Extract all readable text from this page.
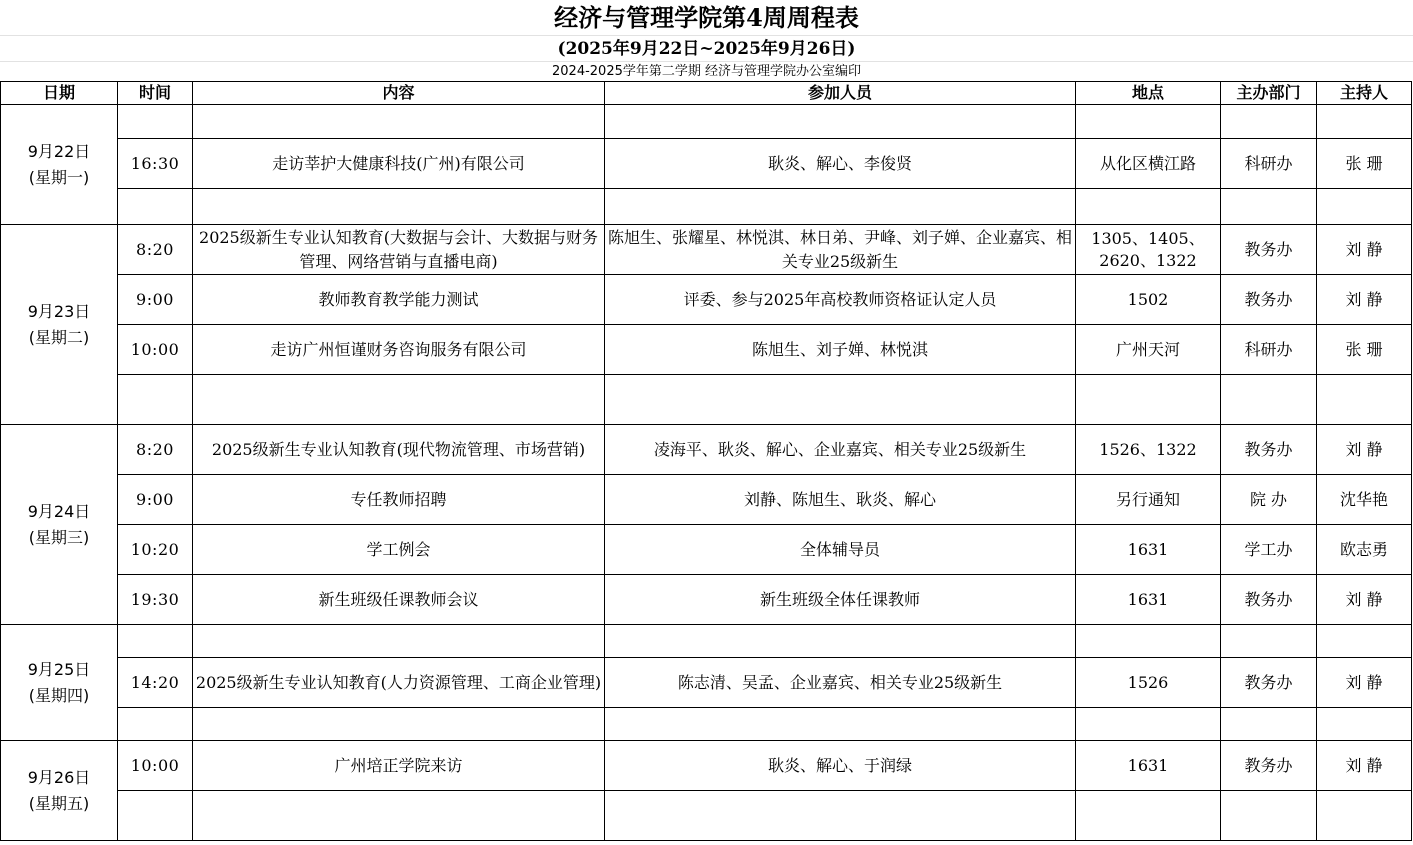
经济与管理学院第4周周程表
(2025年9月22日~2025年9月26日)
2024-2025学年第二学期 经济与管理学院办公室编印
日期	时间	内容	参加人员	地点	主办部门	主持人

9月22日
(星期一)						

	16:30	走访莘护大健康科技(广州)有限公司	耿炎、解心、李俊贤	从化区横江路	科研办	张 珊

9月23日
(星期二)	8:20	2025级新生专业认知教育(大数据与会计、大数据与财务管理、网络营销与直播电商)	陈旭生、张耀星、林悦淇、林日弟、尹峰、刘子婵、企业嘉宾、相关专业25级新生	1305、1405、2620、1322	教务办	刘 静
	9:00	教师教育教学能力测试	评委、参与2025年高校教师资格证认定人员	1502	教务办	刘 静
	10:00	走访广州恒谨财务咨询服务有限公司	陈旭生、刘子婵、林悦淇	广州天河	科研办	张 珊

9月24日
(星期三)	8:20	2025级新生专业认知教育(现代物流管理、市场营销)	凌海平、耿炎、解心、企业嘉宾、相关专业25级新生	1526、1322	教务办	刘 静
	9:00	专任教师招聘	刘静、陈旭生、耿炎、解心	另行通知	院 办	沈华艳
	10:20	学工例会	全体辅导员	1631	学工办	欧志勇
	19:30	新生班级任课教师会议	新生班级全体任课教师	1631	教务办	刘 静

9月25日
(星期四)						

	14:20	2025级新生专业认知教育(人力资源管理、工商企业管理)	陈志清、吴孟、企业嘉宾、相关专业25级新生	1526	教务办	刘 静

9月26日
(星期五)	10:00	广州培正学院来访	耿炎、解心、于润绿	1631	教务办	刘 静
